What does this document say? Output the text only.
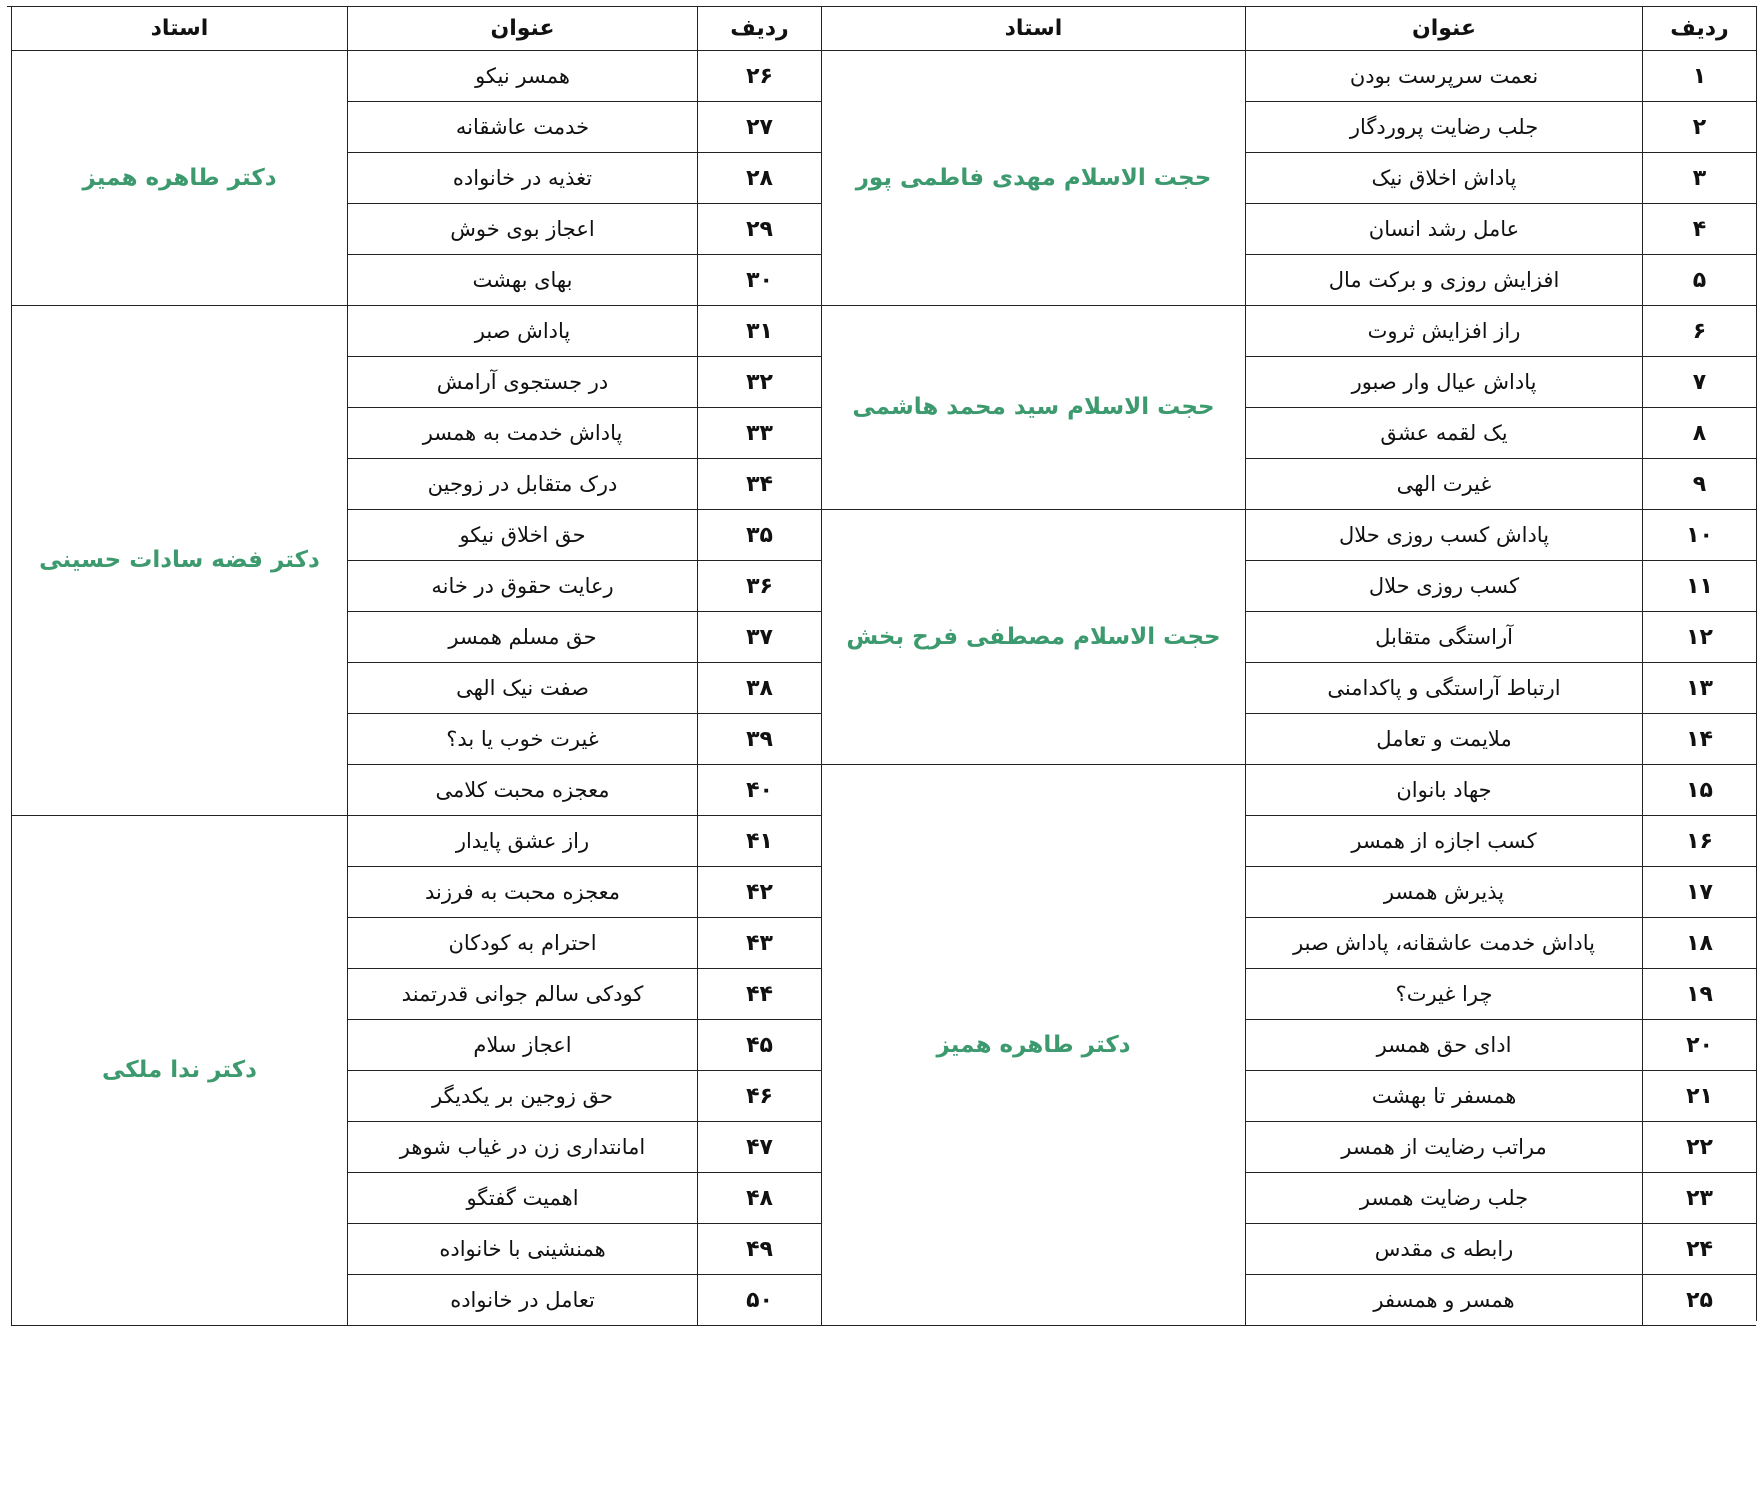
ردیف
عنوان
استاد
ردیف
عنوان
استاد
۱
نعمت سرپرست بودن
۲
جلب رضایت پروردگار
۳
پاداش اخلاق نیک
۴
عامل رشد انسان
۵
افزایش روزی و برکت مال
۶
راز افزایش ثروت
۷
پاداش عیال وار صبور
۸
یک لقمه عشق
۹
غیرت الهی
۱۰
پاداش کسب روزی حلال
۱۱
کسب روزی حلال
۱۲
آراستگی متقابل
۱۳
ارتباط آراستگی و پاکدامنی
۱۴
ملایمت و تعامل
۱۵
جهاد بانوان
۱۶
کسب اجازه از همسر
۱۷
پذیرش همسر
۱۸
پاداش خدمت عاشقانه، پاداش صبر
۱۹
چرا غیرت؟
۲۰
ادای حق همسر
۲۱
همسفر تا بهشت
۲۲
مراتب رضایت از همسر
۲۳
جلب رضایت همسر
۲۴
رابطه ی مقدس
۲۵
همسر و همسفر
۲۶
همسر نیکو
۲۷
خدمت عاشقانه
۲۸
تغذیه در خانواده
۲۹
اعجاز بوی خوش
۳۰
بهای بهشت
۳۱
پاداش صبر
۳۲
در جستجوی آرامش
۳۳
پاداش خدمت به همسر
۳۴
درک متقابل در زوجین
۳۵
حق اخلاق نیکو
۳۶
رعایت حقوق در خانه
۳۷
حق مسلم همسر
۳۸
صفت نیک الهی
۳۹
غیرت خوب یا بد؟
۴۰
معجزه محبت کلامی
۴۱
راز عشق پایدار
۴۲
معجزه محبت به فرزند
۴۳
احترام به کودکان
۴۴
کودکی سالم جوانی قدرتمند
۴۵
اعجاز سلام
۴۶
حق زوجین بر یکدیگر
۴۷
امانتداری زن در غیاب شوهر
۴۸
اهمیت گفتگو
۴۹
همنشینی با خانواده
۵۰
تعامل در خانواده
حجت الاسلام مهدی فاطمی پور
حجت الاسلام سید محمد هاشمی
حجت الاسلام مصطفی فرح بخش
دکتر طاهره همیز
دکتر طاهره همیز
دکتر فضه سادات حسینی
دکتر ندا ملکی
